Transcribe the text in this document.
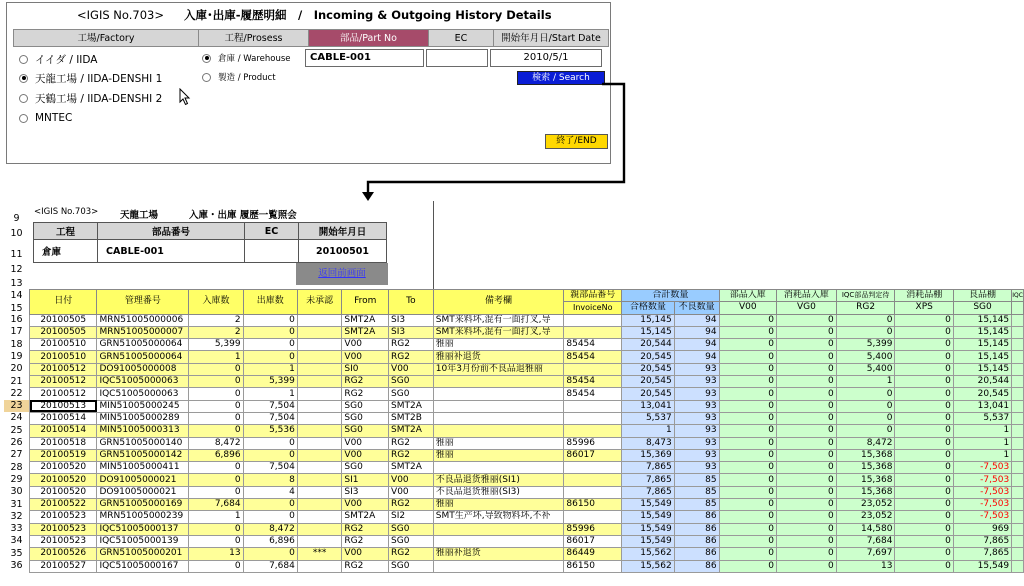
<IGIS No.703> 入庫･出庫-履歴明細　/　Incoming & Outgoing History Details
工場/Factory	工程/Prosess	部品/Part No	EC	開始年月日/Start Date
イイダ / IIDA
天龍工場 / IIDA-DENSHI 1
天鶴工場 / IIDA-DENSHI 2
MNTEC
倉庫 / Warehouse
製造 / Product
CABLE-001	2010/5/1
検索 / Search
終了/END
9
10
11
12
13
14
15
<IGIS No.703> 天龍工場	入庫・出庫 履歴一覧照会
工程	部品番号	EC	開始年月日
倉庫	CABLE-001		20100501
返回前画面
日付	管理番号	入庫数	出庫数	未承認	From	To	備考欄	親部品番号	合計数量		部品入庫	消耗品入庫	IQC部品判定待	消耗品棚	良品棚	IQC
								InvoiceNo	合格数量	不良数量	V00	VG0	RG2	XPS	SG0	
20100505	MRN51005000006	2	0		SMT2A	SI3	SMT来料坏,混有一面打叉,导		15,145	94	0	0	0	0	15,145	
20100505	MRN51005000007	2	0		SMT2A	SI3	SMT来料坏,混有一面打叉,导		15,145	94	0	0	0	0	15,145	
20100510	GRN51005000064	5,399	0		V00	RG2	雅丽	85454	20,544	94	0	0	5,399	0	15,145	
20100510	GRN51005000064	1	0		V00	RG2	雅丽补退货	85454	20,545	94	0	0	5,400	0	15,145	
20100512	DO91005000008	0	1		SI0	V00	10年3月份前不良品退雅丽		20,545	93	0	0	5,400	0	15,145	
20100512	IQC51005000063	0	5,399		RG2	SG0		85454	20,545	93	0	0	1	0	20,544	
20100512	IQC51005000063	0	1		RG2	SG0		85454	20,545	93	0	0	0	0	20,545	
20100513	MIN51005000245	0	7,504		SG0	SMT2A			13,041	93	0	0	0	0	13,041	
20100514	MIN51005000289	0	7,504		SG0	SMT2B			5,537	93	0	0	0	0	5,537	
20100514	MIN51005000313	0	5,536		SG0	SMT2A			1	93	0	0	0	0	1	
20100518	GRN51005000140	8,472	0		V00	RG2	雅丽	85996	8,473	93	0	0	8,472	0	1	
20100519	GRN51005000142	6,896	0		V00	RG2	雅丽	86017	15,369	93	0	0	15,368	0	1	
20100520	MIN51005000411	0	7,504		SG0	SMT2A			7,865	93	0	0	15,368	0	-7,503	
20100520	DO91005000021	0	8		SI1	V00	不良品退货雅丽(SI1)		7,865	85	0	0	15,368	0	-7,503	
20100520	DO91005000021	0	4		SI3	V00	不良品退货雅丽(SI3)		7,865	85	0	0	15,368	0	-7,503	
20100522	GRN51005000169	7,684	0		V00	RG2	雅丽	86150	15,549	85	0	0	23,052	0	-7,503	
20100523	MRN51005000239	1	0		SMT2A	SI2	SMT生产坏,导致物料坏,不补		15,549	86	0	0	23,052	0	-7,503	
20100523	IQC51005000137	0	8,472		RG2	SG0		85996	15,549	86	0	0	14,580	0	969	
20100523	IQC51005000139	0	6,896		RG2	SG0		86017	15,549	86	0	0	7,684	0	7,865	
20100526	GRN51005000201	13	0	***	V00	RG2	雅丽补退货	86449	15,562	86	0	0	7,697	0	7,865	
20100527	IQC51005000167	0	7,684		RG2	SG0		86150	15,562	86	0	0	13	0	15,549	
16
17
18
19
20
21
22
23
24
25
26
27
28
29
30
31
32
33
34
35
36
